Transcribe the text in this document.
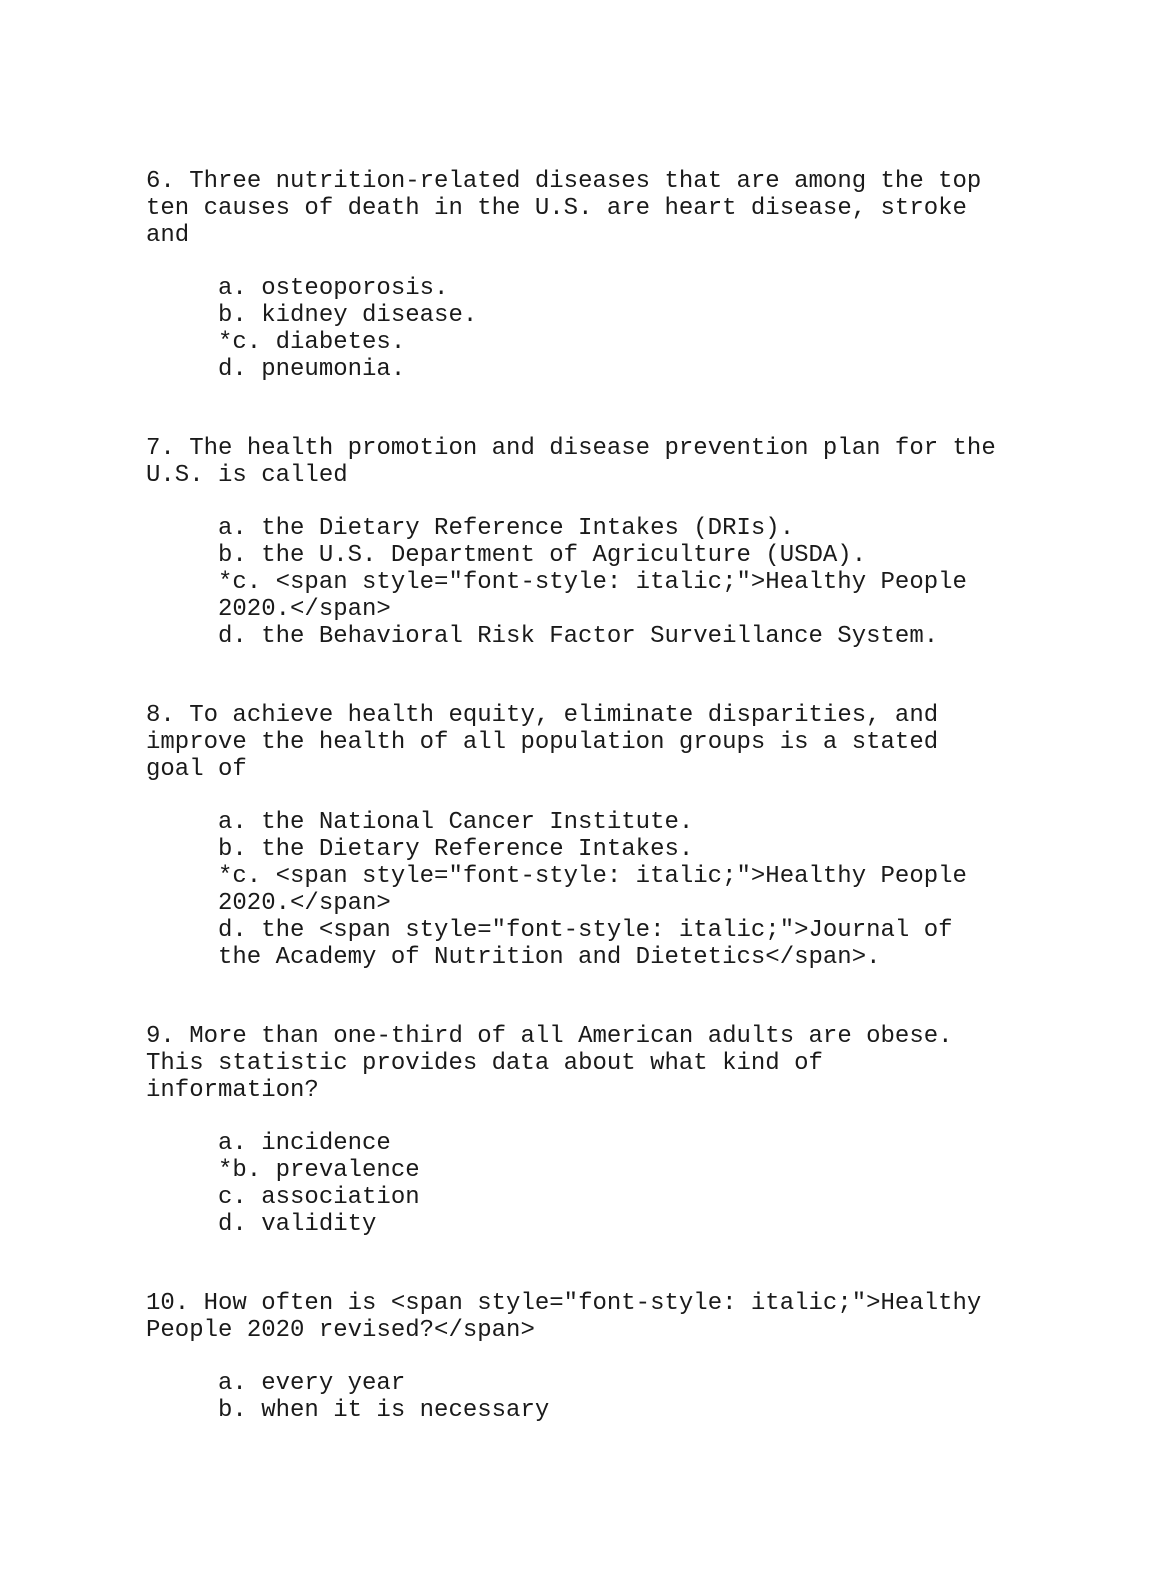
6. Three nutrition-related diseases that are among the top
ten causes of death in the U.S. are heart disease, stroke
and

a. osteoporosis.
b. kidney disease.
*c. diabetes.
d. pneumonia.

7. The health promotion and disease prevention plan for the
U.S. is called

a. the Dietary Reference Intakes (DRIs).
b. the U.S. Department of Agriculture (USDA).
*c. <span style="font-style: italic;">Healthy People
2020.</span>
d. the Behavioral Risk Factor Surveillance System.

8. To achieve health equity, eliminate disparities, and
improve the health of all population groups is a stated
goal of

a. the National Cancer Institute.
b. the Dietary Reference Intakes.
*c. <span style="font-style: italic;">Healthy People
2020.</span>
d. the <span style="font-style: italic;">Journal of
the Academy of Nutrition and Dietetics</span>.

9. More than one-third of all American adults are obese.
This statistic provides data about what kind of
information?

a. incidence
*b. prevalence
c. association
d. validity

10. How often is <span style="font-style: italic;">Healthy
People 2020 revised?</span>

a. every year
b. when it is necessary
